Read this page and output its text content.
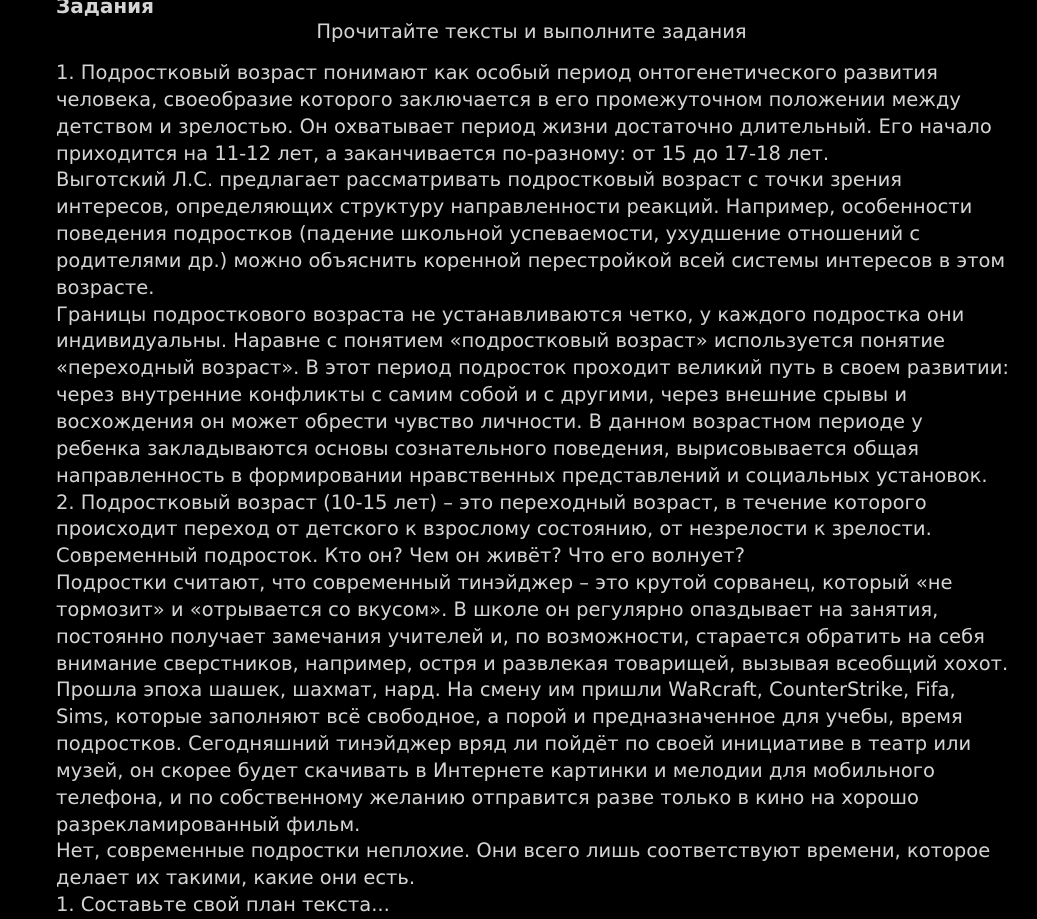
Задания
Прочитайте тексты и выполните задания
1. Подростковый возраст понимают как особый период онтогенетического развития
человека, своеобразие которого заключается в его промежуточном положении между
детством и зрелостью. Он охватывает период жизни достаточно длительный. Его начало
приходится на 11-12 лет, а заканчивается по-разному: от 15 до 17-18 лет.
Выготский Л.С. предлагает рассматривать подростковый возраст с точки зрения
интересов, определяющих структуру направленности реакций. Например, особенности
поведения подростков (падение школьной успеваемости, ухудшение отношений с
родителями др.) можно объяснить коренной перестройкой всей системы интересов в этом
возрасте.
Границы подросткового возраста не устанавливаются четко, у каждого подростка они
индивидуальны. Наравне с понятием «подростковый возраст» используется понятие
«переходный возраст». В этот период подросток проходит великий путь в своем развитии:
через внутренние конфликты с самим собой и с другими, через внешние срывы и
восхождения он может обрести чувство личности. В данном возрастном периоде у
ребенка закладываются основы сознательного поведения, вырисовывается общая
направленность в формировании нравственных представлений и социальных установок.
2. Подростковый возраст (10-15 лет) – это переходный возраст, в течение которого
происходит переход от детского к взрослому состоянию, от незрелости к зрелости.
Современный подросток. Кто он? Чем он живёт? Что его волнует?
Подростки считают, что современный тинэйджер – это крутой сорванец, который «не
тормозит» и «отрывается со вкусом». В школе он регулярно опаздывает на занятия,
постоянно получает замечания учителей и, по возможности, старается обратить на себя
внимание сверстников, например, остря и развлекая товарищей, вызывая всеобщий хохот.
Прошла эпоха шашек, шахмат, нард. На смену им пришли WaRcraft, CounterStrike, Fifa,
Sims, которые заполняют всё свободное, а порой и предназначенное для учебы, время
подростков. Сегодняшний тинэйджер вряд ли пойдёт по своей инициативе в театр или
музей, он скорее будет скачивать в Интернете картинки и мелодии для мобильного
телефона, и по собственному желанию отправится разве только в кино на хорошо
разрекламированный фильм.
Нет, современные подростки неплохие. Они всего лишь соответствуют времени, которое
делает их такими, какие они есть.
1. Составьте свой план текста...
